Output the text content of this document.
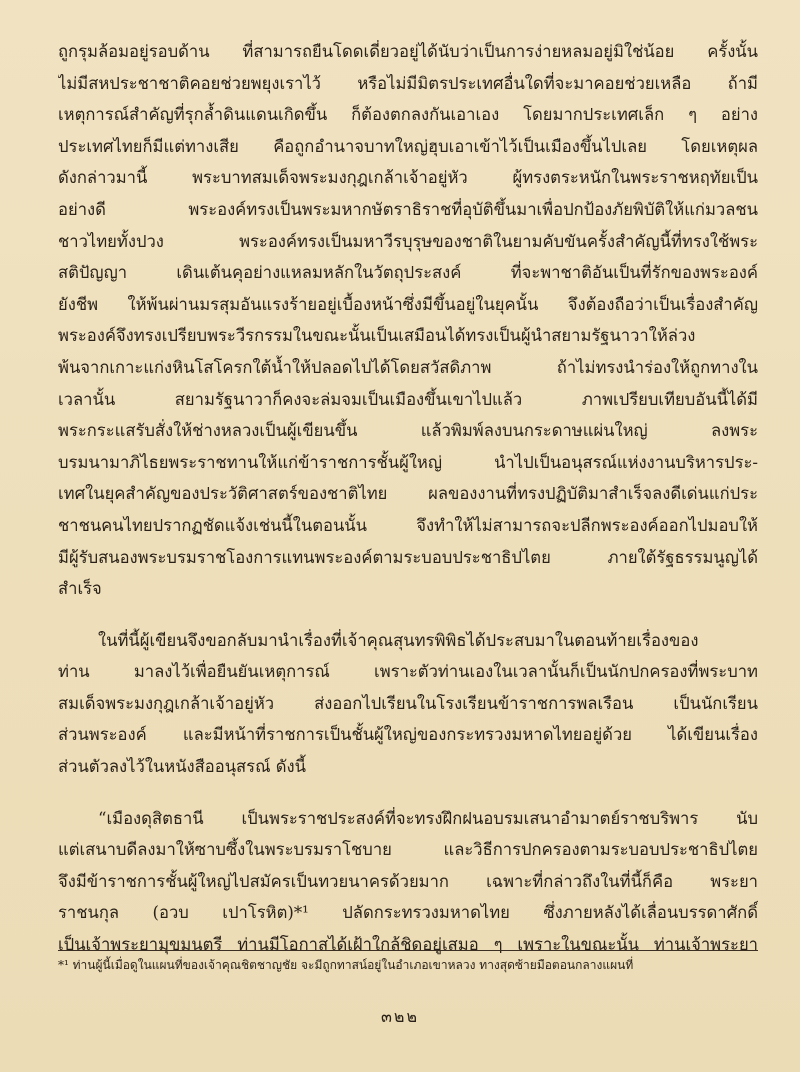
ถูกรุมล้อมอยู่รอบด้าน ที่สามารถยืนโดดเดี่ยวอยู่ได้นับว่าเป็นการง่ายหลมอยู่มิใช่น้อย ครั้งนั้น
ไม่มีสหประชาชาติคอยช่วยพยุงเราไว้ หรือไม่มีมิตรประเทศอื่นใดที่จะมาคอยช่วยเหลือ ถ้ามี
เหตุการณ์สำคัญที่รุกล้ำดินแดนเกิดขึ้น ก็ต้องตกลงกันเอาเอง โดยมากประเทศเล็ก ๆ อย่าง
ประเทศไทยก็มีแต่ทางเสีย คือถูกอำนาจบาทใหญ่ฮุบเอาเข้าไว้เป็นเมืองขึ้นไปเลย โดยเหตุผล
ดังกล่าวมานี้ พระบาทสมเด็จพระมงกุฎเกล้าเจ้าอยู่หัว ผู้ทรงตระหนักในพระราชหฤทัยเป็น
อย่างดี พระองค์ทรงเป็นพระมหากษัตราธิราชที่อุบัติขึ้นมาเพื่อปกป้องภัยพิบัติให้แก่มวลชน
ชาวไทยทั้งปวง พระองค์ทรงเป็นมหาวีรบุรุษของชาติในยามคับขันครั้งสำคัญนี้ที่ทรงใช้พระ
สติปัญญา เดินเต้นคุอย่างแหลมหลักในวัตถุประสงค์ ที่จะพาชาติอันเป็นที่รักของพระองค์
ยังชีพ ให้พ้นผ่านมรสุมอันแรงร้ายอยู่เบื้องหน้าซึ่งมีขึ้นอยู่ในยุคนั้น จึงต้องถือว่าเป็นเรื่องสำคัญ
พระองค์จึงทรงเปรียบพระวีรกรรมในขณะนั้นเป็นเสมือนได้ทรงเป็นผู้นำสยามรัฐนาวาให้ล่วง
พ้นจากเกาะแก่งหินโสโครกใต้น้ำให้ปลอดไปได้โดยสวัสดิภาพ ถ้าไม่ทรงนำร่องให้ถูกทางใน
เวลานั้น สยามรัฐนาวาก็คงจะล่มจมเป็นเมืองขึ้นเขาไปแล้ว ภาพเปรียบเทียบอันนี้ได้มี
พระกระแสรับสั่งให้ช่างหลวงเป็นผู้เขียนขึ้น แล้วพิมพ์ลงบนกระดาษแผ่นใหญ่ ลงพระ
บรมนามาภิไธยพระราชทานให้แก่ข้าราชการชั้นผู้ใหญ่ นำไปเป็นอนุสรณ์แห่งงานบริหารประ-
เทศในยุคสำคัญของประวัติศาสตร์ของชาติไทย ผลของงานที่ทรงปฏิบัติมาสำเร็จลงดีเด่นแก่ประ
ชาชนคนไทยปรากฏชัดแจ้งเช่นนี้ในตอนนั้น จึงทำให้ไม่สามารถจะปลีกพระองค์ออกไปมอบให้
มีผู้รับสนองพระบรมราชโองการแทนพระองค์ตามระบอบประชาธิปไตย ภายใต้รัฐธรรมนูญได้
สำเร็จ
ในที่นี้ผู้เขียนจึงขอกลับมานำเรื่องที่เจ้าคุณสุนทรพิพิธได้ประสบมาในตอนท้ายเรื่องของ
ท่าน มาลงไว้เพื่อยืนยันเหตุการณ์ เพราะตัวท่านเองในเวลานั้นก็เป็นนักปกครองที่พระบาท
สมเด็จพระมงกุฎเกล้าเจ้าอยู่หัว ส่งออกไปเรียนในโรงเรียนข้าราชการพลเรือน เป็นนักเรียน
ส่วนพระองค์ และมีหน้าที่ราชการเป็นชั้นผู้ใหญ่ของกระทรวงมหาดไทยอยู่ด้วย ได้เขียนเรื่อง
ส่วนตัวลงไว้ในหนังสืออนุสรณ์ ดังนี้
“เมืองดุสิตธานี เป็นพระราชประสงค์ที่จะทรงฝึกฝนอบรมเสนาอำมาตย์ราชบริพาร นับ
แต่เสนาบดีลงมาให้ซาบซึ้งในพระบรมราโชบาย และวิธีการปกครองตามระบอบประชาธิปไตย
จึงมีข้าราชการชั้นผู้ใหญ่ไปสมัครเป็นทวยนาครด้วยมาก เฉพาะที่กล่าวถึงในที่นี้ก็คือ พระยา
ราชนกุล (อวบ เปาโรหิต)*¹ ปลัดกระทรวงมหาดไทย ซึ่งภายหลังได้เลื่อนบรรดาศักดิ์
เป็นเจ้าพระยามุขมนตรี ท่านมีโอกาสได้เฝ้าใกล้ชิดอยู่เสมอ ๆ เพราะในขณะนั้น ท่านเจ้าพระยา
*¹ ท่านผู้นี้เมื่อดูในแผนที่ของเจ้าคุณชิตชาญชัย จะมีถูกทาสน์อยู่ในอำเภอเขาหลวง ทางสุดซ้ายมือตอนกลางแผนที่
๓๒๒
